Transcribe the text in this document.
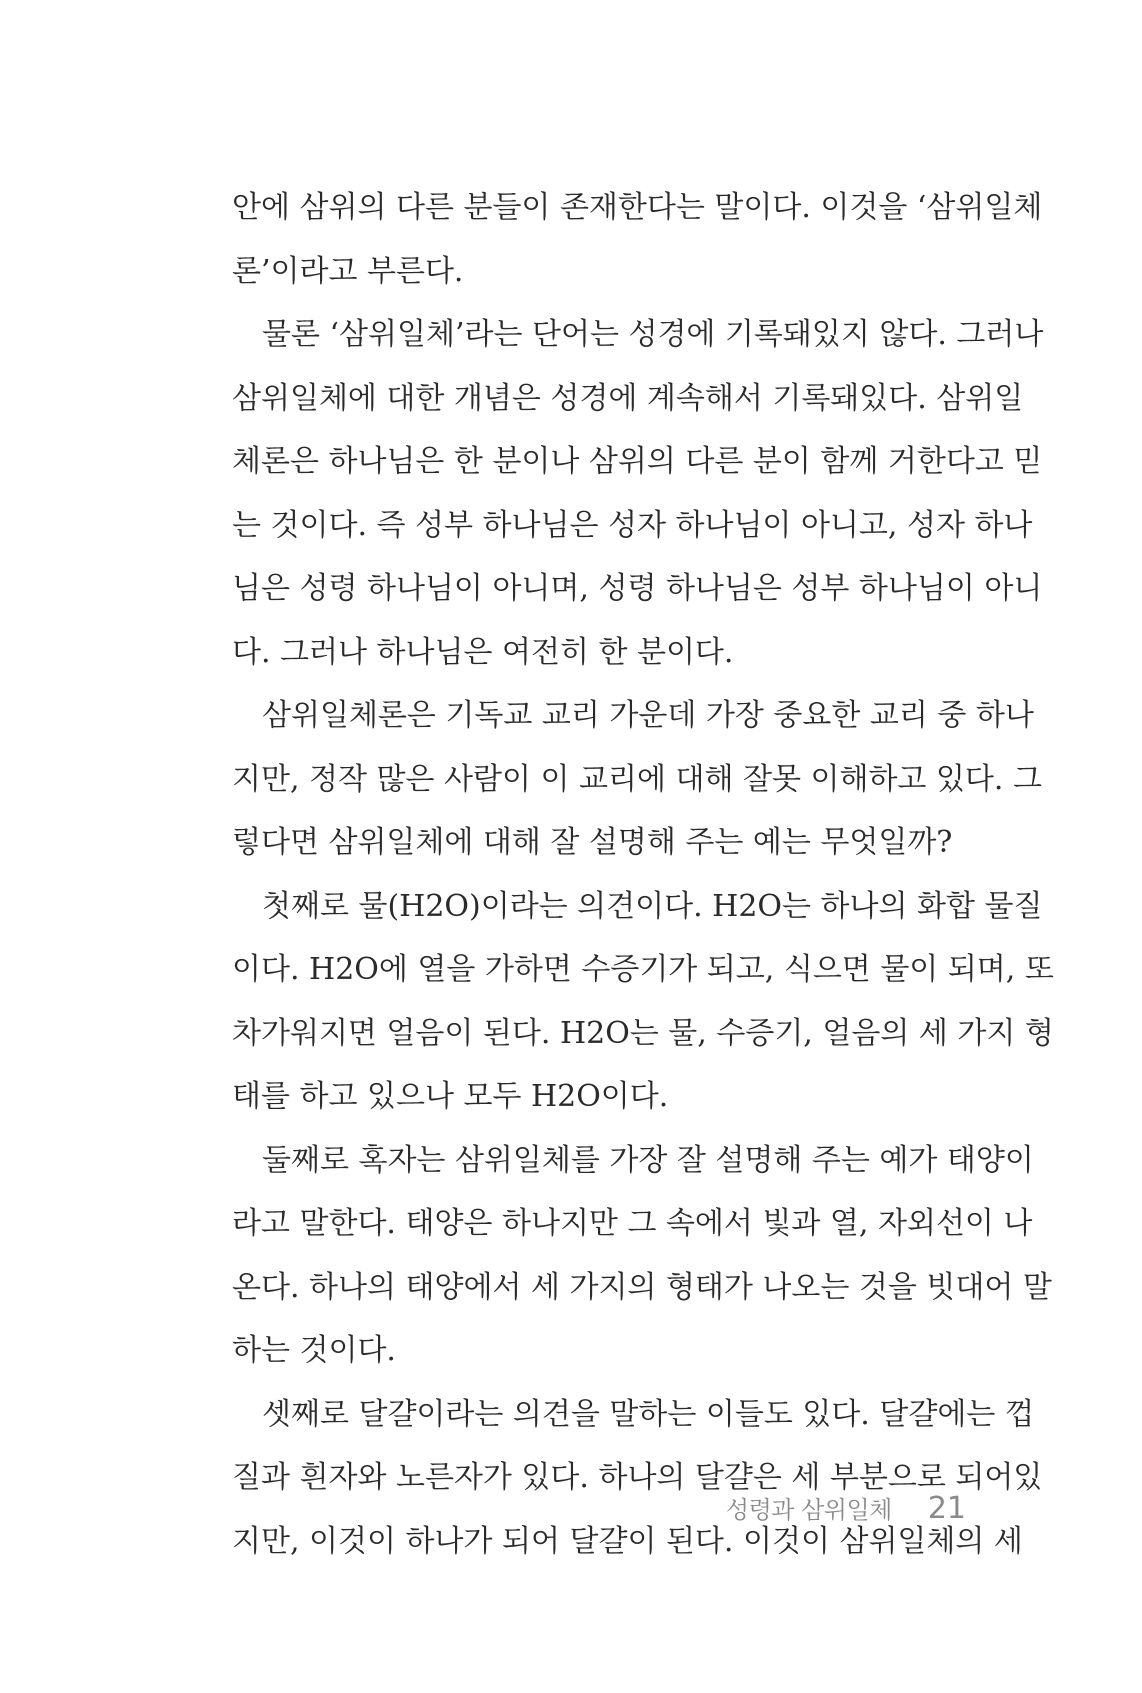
안에 삼위의 다른 분들이 존재한다는 말이다. 이것을 ‘삼위일체
론’이라고 부른다.
물론 ‘삼위일체’라는 단어는 성경에 기록돼있지 않다. 그러나
삼위일체에 대한 개념은 성경에 계속해서 기록돼있다. 삼위일
체론은 하나님은 한 분이나 삼위의 다른 분이 함께 거한다고 믿
는 것이다. 즉 성부 하나님은 성자 하나님이 아니고, 성자 하나
님은 성령 하나님이 아니며, 성령 하나님은 성부 하나님이 아니
다. 그러나 하나님은 여전히 한 분이다.
삼위일체론은 기독교 교리 가운데 가장 중요한 교리 중 하나
지만, 정작 많은 사람이 이 교리에 대해 잘못 이해하고 있다. 그
렇다면 삼위일체에 대해 잘 설명해 주는 예는 무엇일까?
첫째로 물(H2O)이라는 의견이다. H2O는 하나의 화합 물질
이다. H2O에 열을 가하면 수증기가 되고, 식으면 물이 되며, 또
차가워지면 얼음이 된다. H2O는 물, 수증기, 얼음의 세 가지 형
태를 하고 있으나 모두 H2O이다.
둘째로 혹자는 삼위일체를 가장 잘 설명해 주는 예가 태양이
라고 말한다. 태양은 하나지만 그 속에서 빛과 열, 자외선이 나
온다. 하나의 태양에서 세 가지의 형태가 나오는 것을 빗대어 말
하는 것이다.
셋째로 달걀이라는 의견을 말하는 이들도 있다. 달걀에는 껍
질과 흰자와 노른자가 있다. 하나의 달걀은 세 부분으로 되어있
지만, 이것이 하나가 되어 달걀이 된다. 이것이 삼위일체의 세
성령과 삼위일체 21
